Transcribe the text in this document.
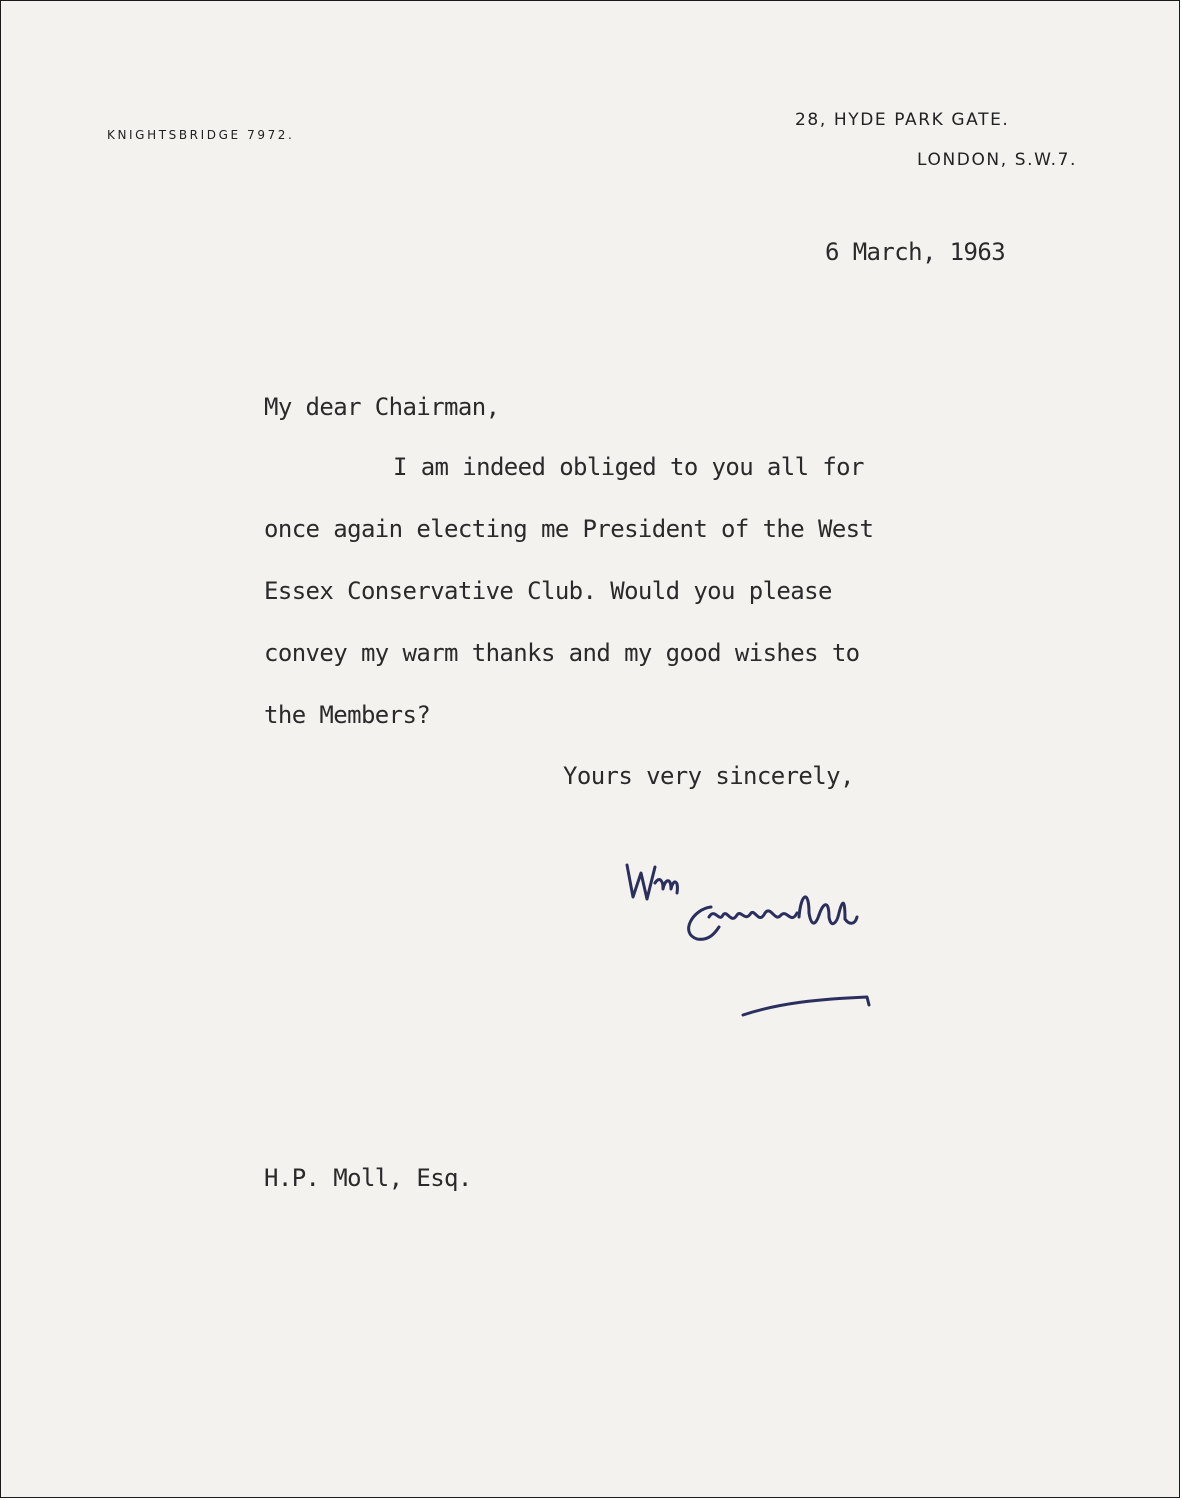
KNIGHTSBRIDGE 7972.
28, HYDE PARK GATE.
LONDON, S.W.7.
6 March, 1963
My dear Chairman,
I am indeed obliged to you all for
once again electing me President of the West
Essex Conservative Club. Would you please
convey my warm thanks and my good wishes to
the Members?
Yours very sincerely,
H.P. Moll, Esq.
